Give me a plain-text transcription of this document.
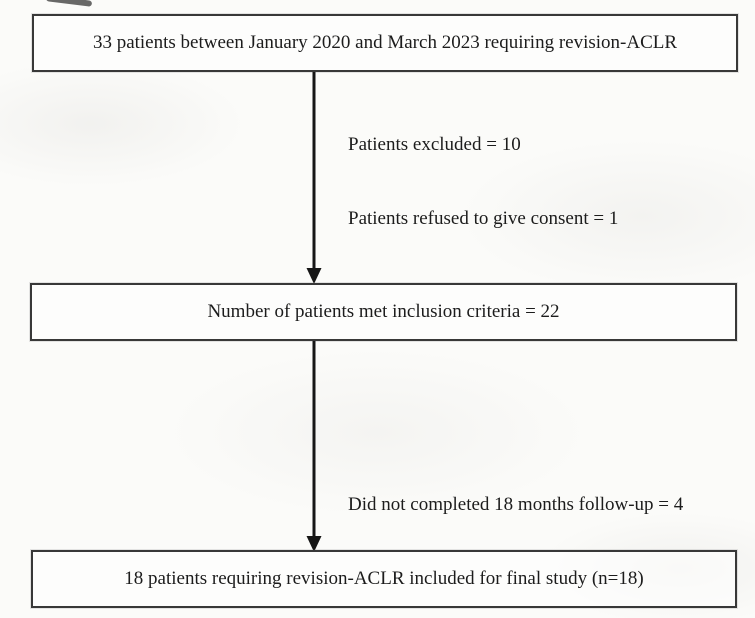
33 patients between January 2020 and March 2023 requiring revision-ACLR
Patients excluded = 10
Patients refused to give consent = 1
Number of patients met inclusion criteria = 22
Did not completed 18 months follow-up = 4
18 patients requiring revision-ACLR included for final study (n=18)
